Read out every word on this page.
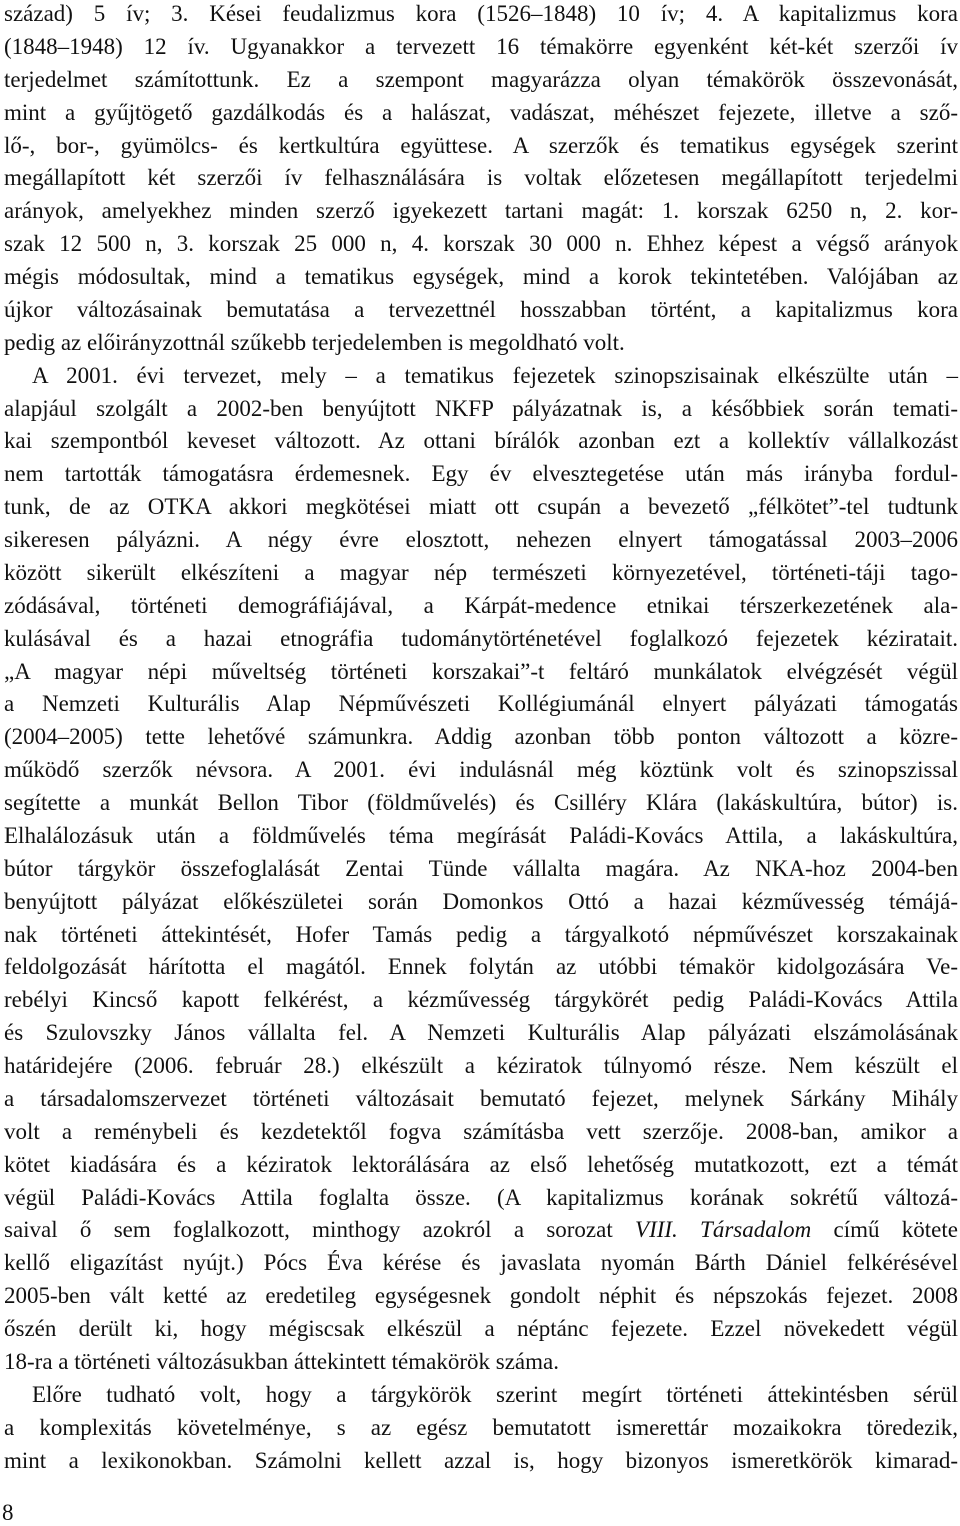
század) 5 ív; 3. Kései feudalizmus kora (1526–1848) 10 ív; 4. A kapitalizmus kora
(1848–1948) 12 ív. Ugyanakkor a tervezett 16 témakörre egyenként két-két szerzői ív
terjedelmet számítottunk. Ez a szempont magyarázza olyan témakörök összevonását,
mint a gyűjtögető gazdálkodás és a halászat, vadászat, méhészet fejezete, illetve a sző-
lő-, bor-, gyümölcs- és kertkultúra együttese. A szerzők és tematikus egységek szerint
megállapított két szerzői ív felhasználására is voltak előzetesen megállapított terjedelmi
arányok, amelyekhez minden szerző igyekezett tartani magát: 1. korszak 6250 n, 2. kor-
szak 12 500 n, 3. korszak 25 000 n, 4. korszak 30 000 n. Ehhez képest a végső arányok
mégis módosultak, mind a tematikus egységek, mind a korok tekintetében. Valójában az
újkor változásainak bemutatása a tervezettnél hosszabban történt, a kapitalizmus kora
pedig az előirányzottnál szűkebb terjedelemben is megoldható volt.
A 2001. évi tervezet, mely – a tematikus fejezetek szinopszisainak elkészülte után –
alapjául szolgált a 2002-ben benyújtott NKFP pályázatnak is, a későbbiek során temati-
kai szempontból keveset változott. Az ottani bírálók azonban ezt a kollektív vállalkozást
nem tartották támogatásra érdemesnek. Egy év elvesztegetése után más irányba fordul-
tunk, de az OTKA akkori megkötései miatt ott csupán a bevezető „félkötet”-tel tudtunk
sikeresen pályázni. A négy évre elosztott, nehezen elnyert támogatással 2003–2006
között sikerült elkészíteni a magyar nép természeti környezetével, történeti-táji tago-
zódásával, történeti demográfiájával, a Kárpát-medence etnikai térszerkezetének ala-
kulásával és a hazai etnográfia tudománytörténetével foglalkozó fejezetek kéziratait.
„A magyar népi műveltség történeti korszakai”-t feltáró munkálatok elvégzését végül
a Nemzeti Kulturális Alap Népművészeti Kollégiumánál elnyert pályázati támogatás
(2004–2005) tette lehetővé számunkra. Addig azonban több ponton változott a közre-
működő szerzők névsora. A 2001. évi indulásnál még köztünk volt és szinopszissal
segítette a munkát Bellon Tibor (földművelés) és Csilléry Klára (lakáskultúra, bútor) is.
Elhalálozásuk után a földművelés téma megírását Paládi-Kovács Attila, a lakáskultúra,
bútor tárgykör összefoglalását Zentai Tünde vállalta magára. Az NKA-hoz 2004-ben
benyújtott pályázat előkészületei során Domonkos Ottó a hazai kézművesség témájá-
nak történeti áttekintését, Hofer Tamás pedig a tárgyalkotó népművészet korszakainak
feldolgozását hárította el magától. Ennek folytán az utóbbi témakör kidolgozására Ve-
rebélyi Kincső kapott felkérést, a kézművesség tárgykörét pedig Paládi-Kovács Attila
és Szulovszky János vállalta fel. A Nemzeti Kulturális Alap pályázati elszámolásának
határidejére (2006. február 28.) elkészült a kéziratok túlnyomó része. Nem készült el
a társadalomszervezet történeti változásait bemutató fejezet, melynek Sárkány Mihály
volt a reménybeli és kezdetektől fogva számításba vett szerzője. 2008-ban, amikor a
kötet kiadására és a kéziratok lektorálására az első lehetőség mutatkozott, ezt a témát
végül Paládi-Kovács Attila foglalta össze. (A kapitalizmus korának sokrétű változá-
saival ő sem foglalkozott, minthogy azokról a sorozat VIII. Társadalom című kötete
kellő eligazítást nyújt.) Pócs Éva kérése és javaslata nyomán Bárth Dániel felkérésével
2005-ben vált ketté az eredetileg egységesnek gondolt néphit és népszokás fejezet. 2008
őszén derült ki, hogy mégiscsak elkészül a néptánc fejezete. Ezzel növekedett végül
18-ra a történeti változásukban áttekintett témakörök száma.
Előre tudható volt, hogy a tárgykörök szerint megírt történeti áttekintésben sérül
a komplexitás követelménye, s az egész bemutatott ismerettár mozaikokra töredezik,
mint a lexikonokban. Számolni kellett azzal is, hogy bizonyos ismeretkörök kimarad-
8
